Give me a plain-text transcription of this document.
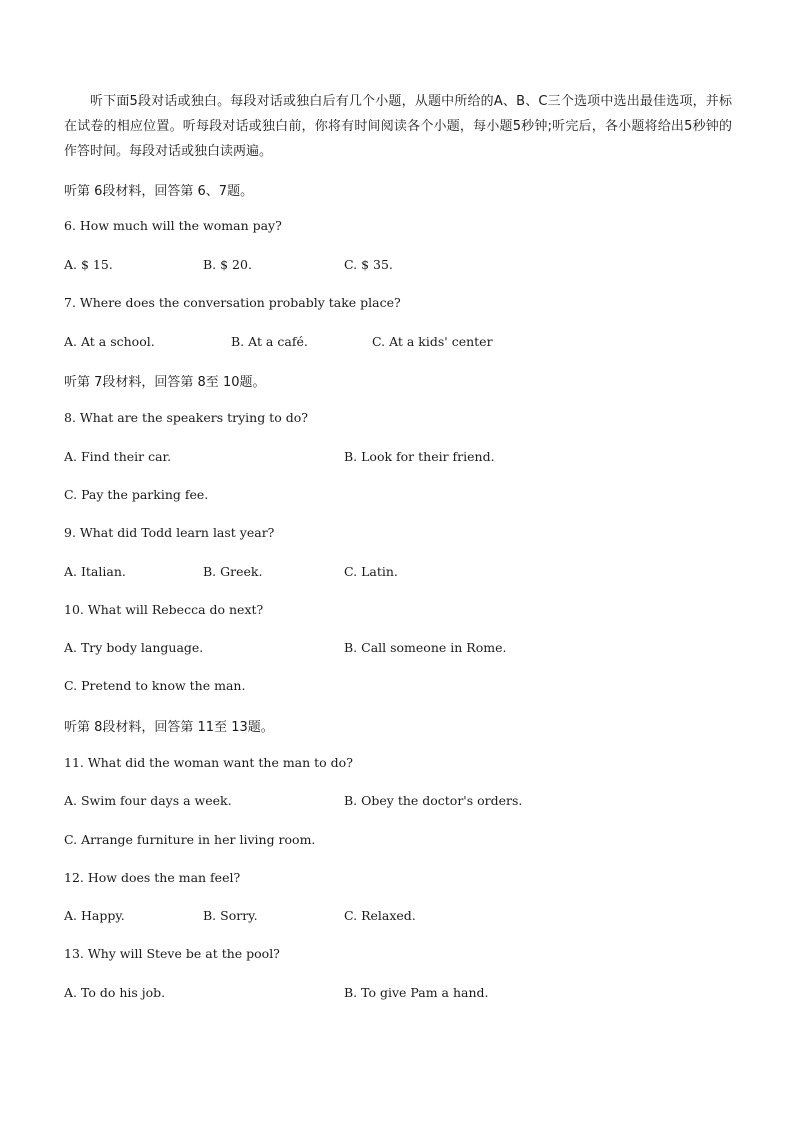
听下面5段对话或独白。每段对话或独白后有几个小题，从题中所给的A、B、C三个选项中选出最佳选项，并标在试卷的相应位置。听每段对话或独白前，你将有时间阅读各个小题，每小题5秒钟;听完后，各小题将给出5秒钟的作答时间。每段对话或独白读两遍。
听第 6段材料，回答第 6、7题。
6. How much will the woman pay?
A. $ 15.	B. $ 20.	C. $ 35.
7. Where does the conversation probably take place?
A. At a school.	B. At a café.	C. At a kids' center
听第 7段材料，回答第 8至 10题。
8. What are the speakers trying to do?
A. Find their car.	B. Look for their friend.
C. Pay the parking fee.
9. What did Todd learn last year?
A. Italian.	B. Greek.	C. Latin.
10. What will Rebecca do next?
A. Try body language.	B. Call someone in Rome.
C. Pretend to know the man.
听第 8段材料，回答第 11至 13题。
11. What did the woman want the man to do?
A. Swim four days a week.	B. Obey the doctor's orders.
C. Arrange furniture in her living room.
12. How does the man feel?
A. Happy.	B. Sorry.	C. Relaxed.
13. Why will Steve be at the pool?
A. To do his job.	B. To give Pam a hand.
